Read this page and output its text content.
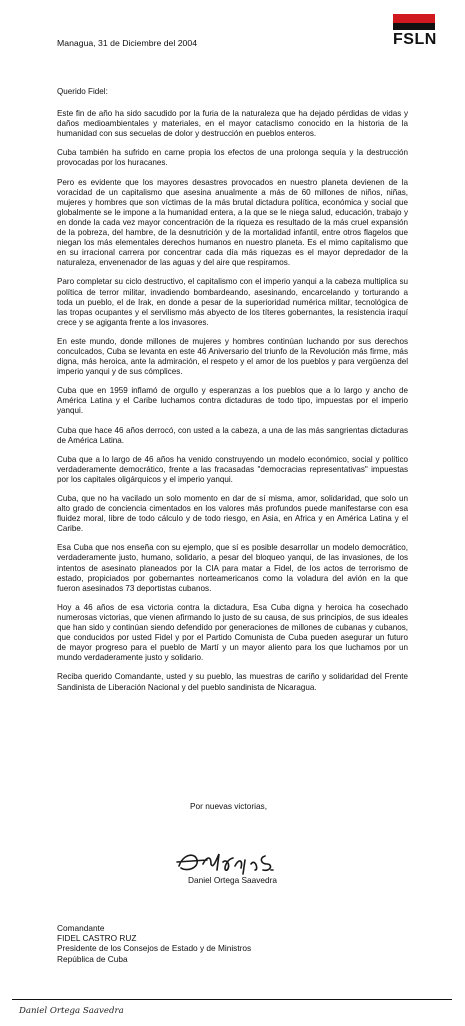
FSLN
Managua, 31 de Diciembre del 2004

Querido Fidel:

Este fin de año ha sido sacudido por la furia de la naturaleza que ha dejado pérdidas de vidas y daños medioambientales y materiales, en el mayor cataclismo conocido en la historia de la humanidad con sus secuelas de dolor y destrucción en pueblos enteros.

Cuba también ha sufrido en carne propia los efectos de una prolonga sequía y la destrucción provocadas por los huracanes.

Pero es evidente que los mayores desastres provocados en nuestro planeta devienen de la voracidad de un capitalismo que asesina anualmente a más de 60 millones de niños, niñas, mujeres y hombres que son víctimas de la más brutal dictadura política, económica y social que globalmente se le impone a la humanidad entera, a la que se le niega salud, educación, trabajo y en donde la cada vez mayor concentración de la riqueza es resultado de la más cruel expansión de la pobreza, del hambre, de la desnutrición y de la mortalidad infantil, entre otros flagelos que niegan los más elementales derechos humanos en nuestro planeta. Es el mimo capitalismo que en su irracional carrera por concentrar cada día más riquezas es el mayor depredador de la naturaleza, envenenador de las aguas y del aire que respiramos.

Paro completar su ciclo destructivo, el capitalismo con el imperio yanqui a la cabeza multiplica su política de terror militar, invadiendo bombardeando, asesinando, encarcelando y torturando a toda un pueblo, el de Irak, en donde a pesar de la superioridad numérica militar, tecnológica de las tropas ocupantes y el servilismo más abyecto de los títeres gobernantes, la resistencia iraquí crece y se agiganta frente a los invasores.

En este mundo, donde millones de mujeres y hombres continúan luchando por sus derechos conculcados, Cuba se levanta en este 46 Aniversario del triunfo de la Revolución más firme, más digna, más heroica, ante la admiración, el respeto y el amor de los pueblos y para vergüenza del imperio yanqui y de sus cómplices.

Cuba que en 1959 inflamó de orgullo y esperanzas a los pueblos que a lo largo y ancho de América Latina y el Caribe luchamos contra dictaduras de todo tipo, impuestas por el imperio yanqui.

Cuba que hace 46 años derrocó, con usted a la cabeza, a una de las más sangrientas dictaduras de América Latina.

Cuba que a lo largo de 46 años ha venido construyendo un modelo económico, social y político verdaderamente democrático, frente a las fracasadas "democracias representativas" impuestas por los capitales oligárquicos y el imperio yanqui.

Cuba, que no ha vacilado un solo momento en dar de sí misma, amor, solidaridad, que solo un alto grado de conciencia cimentados en los valores más profundos puede manifestarse con esa fluidez moral, libre de todo cálculo y de todo riesgo, en Asia, en Africa y en América Latina y el Caribe.

Esa Cuba que nos enseña con su ejemplo, que sí es posible desarrollar un modelo democrático, verdaderamente justo, humano, solidario, a pesar del bloqueo yanqui, de las invasiones, de los intentos de asesinato planeados por la CIA para matar a Fidel, de los actos de terrorismo de estado, propiciados por gobernantes norteamericanos como la voladura del avión en la que fueron asesinados 73 deportistas cubanos.

Hoy a 46 años de esa victoria contra la dictadura, Esa Cuba digna y heroica ha cosechado numerosas victorias, que vienen afirmando lo justo de su causa, de sus principios, de sus ideales que han sido y continúan siendo defendido por generaciones de millones de cubanas y cubanos, que conducidos por usted Fidel y por el Partido Comunista de Cuba pueden asegurar un futuro de mayor progreso para el pueblo de Martí y un mayor aliento para los que luchamos por un mundo verdaderamente justo y solidario.

Reciba querido Comandante, usted y su pueblo, las muestras de cariño y solidaridad del Frente Sandinista de Liberación Nacional y del pueblo sandinista de Nicaragua.

Por nuevas victorias,
Daniel Ortega Saavedra
Comandante
FIDEL CASTRO RUZ
Presidente de los Consejos de Estado y de Ministros
República de Cuba
Daniel Ortega Saavedra
